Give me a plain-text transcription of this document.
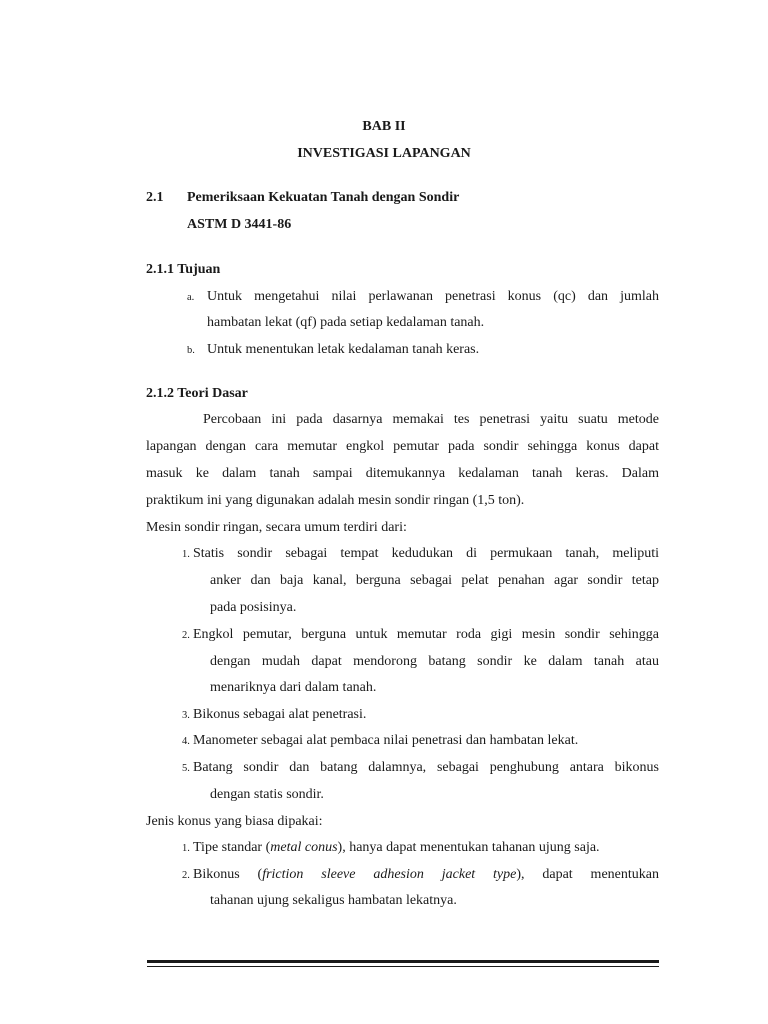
BAB II
INVESTIGASI LAPANGAN
2.1 Pemeriksaan Kekuatan Tanah dengan Sondir
ASTM D 3441-86
2.1.1 Tujuan
a. Untuk mengetahui nilai perlawanan penetrasi konus (qc) dan jumlah
hambatan lekat (qf) pada setiap kedalaman tanah.
b. Untuk menentukan letak kedalaman tanah keras.
2.1.2 Teori Dasar
Percobaan ini pada dasarnya memakai tes penetrasi yaitu suatu metode
lapangan dengan cara memutar engkol pemutar pada sondir sehingga konus dapat
masuk ke dalam tanah sampai ditemukannya kedalaman tanah keras. Dalam
praktikum ini yang digunakan adalah mesin sondir ringan (1,5 ton).
Mesin sondir ringan, secara umum terdiri dari:
1. Statis sondir sebagai tempat kedudukan di permukaan tanah, meliputi
anker dan baja kanal, berguna sebagai pelat penahan agar sondir tetap
pada posisinya.
2. Engkol pemutar, berguna untuk memutar roda gigi mesin sondir sehingga
dengan mudah dapat mendorong batang sondir ke dalam tanah atau
menariknya dari dalam tanah.
3. Bikonus sebagai alat penetrasi.
4. Manometer sebagai alat pembaca nilai penetrasi dan hambatan lekat.
5. Batang sondir dan batang dalamnya, sebagai penghubung antara bikonus
dengan statis sondir.
Jenis konus yang biasa dipakai:
1. Tipe standar (metal conus), hanya dapat menentukan tahanan ujung saja.
2. Bikonus (friction sleeve adhesion jacket type), dapat menentukan
tahanan ujung sekaligus hambatan lekatnya.
